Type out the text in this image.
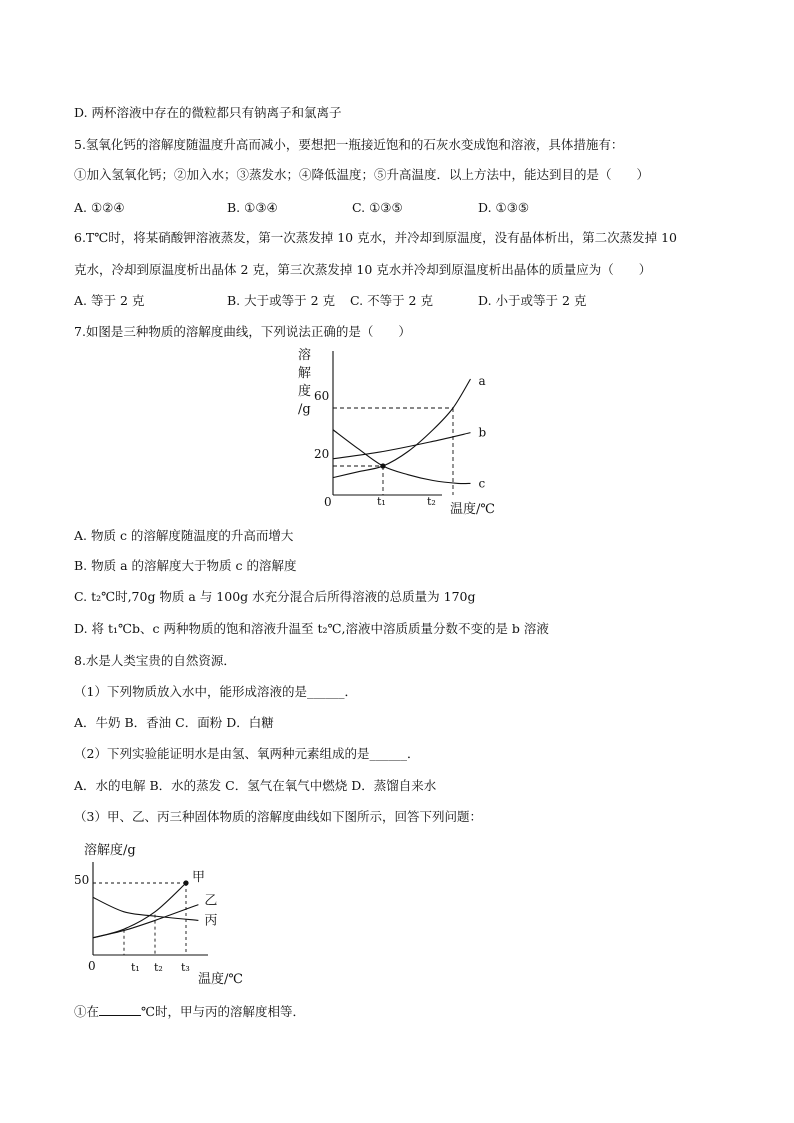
D. 两杯溶液中存在的微粒都只有钠离子和氯离子
5.氢氧化钙的溶解度随温度升高而减小，要想把一瓶接近饱和的石灰水变成饱和溶液，具体措施有：
①加入氢氧化钙；②加入水；③蒸发水；④降低温度；⑤升高温度．以上方法中，能达到目的是（　　）
A. ①②④	B. ①③④	C. ①③⑤	D. ①③⑤
6.T℃时，将某硝酸钾溶液蒸发，第一次蒸发掉 10 克水，并冷却到原温度，没有晶体析出，第二次蒸发掉 10
克水，冷却到原温度析出晶体 2 克，第三次蒸发掉 10 克水并冷却到原温度析出晶体的质量应为（　　）
A. 等于 2 克	B. 大于或等于 2 克 C. 不等于 2 克	D. 小于或等于 2 克
7.如图是三种物质的溶解度曲线，下列说法正确的是（　　）
溶
解
度
/g
0
60
20
t₁	t₂
温度/℃
a
b
c
A. 物质 c 的溶解度随温度的升高而增大
B. 物质 a 的溶解度大于物质 c 的溶解度
C. t₂℃时,70g 物质 a 与 100g 水充分混合后所得溶液的总质量为 170g
D. 将 t₁℃b、c 两种物质的饱和溶液升温至 t₂℃,溶液中溶质质量分数不变的是 b 溶液
8.水是人类宝贵的自然资源．
（1）下列物质放入水中，能形成溶液的是______．
A．牛奶 B．香油 C．面粉 D．白糖
（2）下列实验能证明水是由氢、氧两种元素组成的是______．
A．水的电解 B．水的蒸发 C．氢气在氧气中燃烧 D．蒸馏自来水
（3）甲、乙、丙三种固体物质的溶解度曲线如下图所示，回答下列问题：
溶解度/g
0
50
t₁ t₂ t₃
温度/℃
甲
乙
丙
①在	℃时，甲与丙的溶解度相等．
